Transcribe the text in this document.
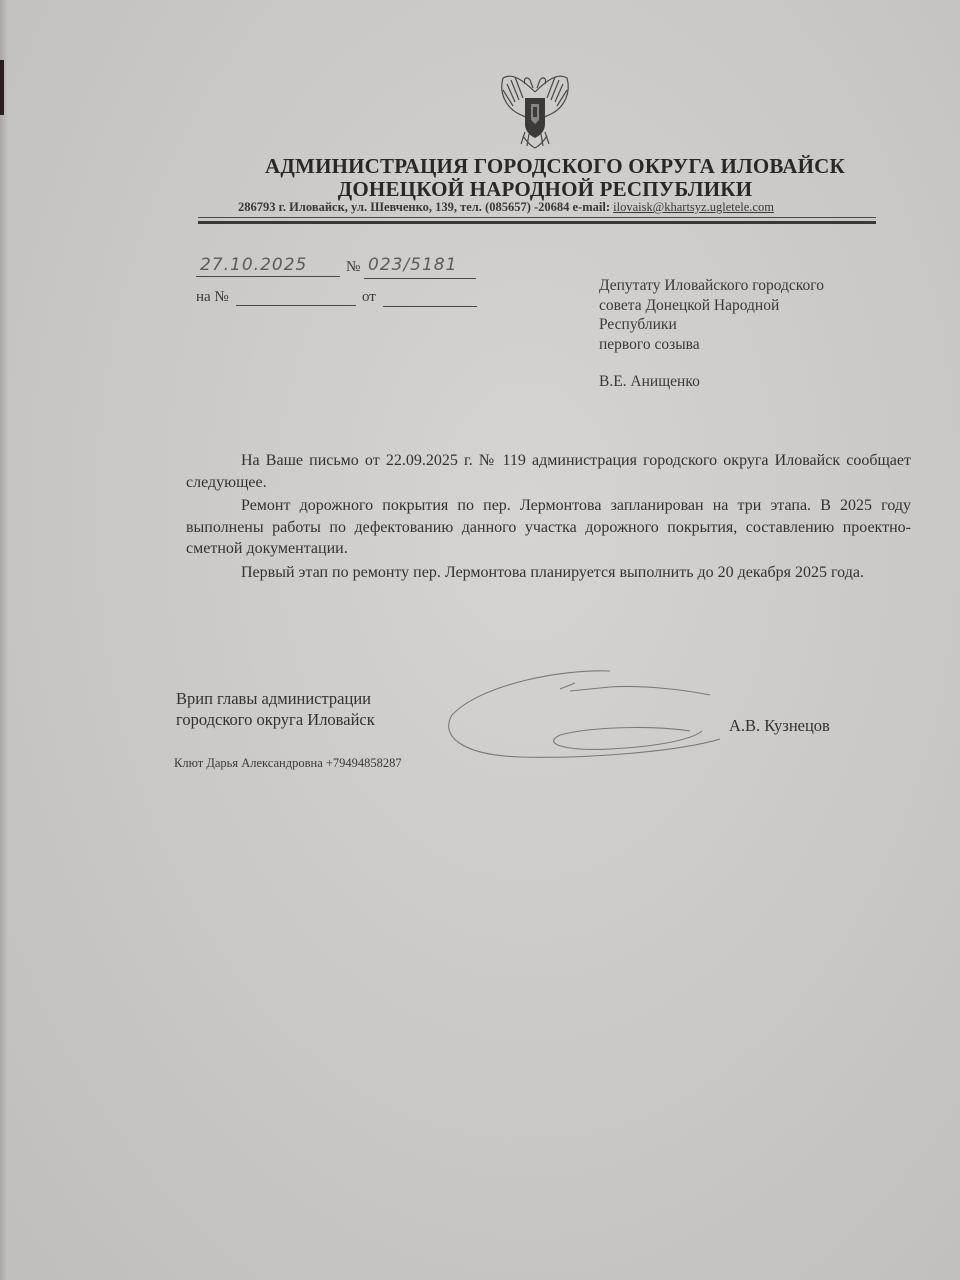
АДМИНИСТРАЦИЯ ГОРОДСКОГО ОКРУГА ИЛОВАЙСК
ДОНЕЦКОЙ НАРОДНОЙ РЕСПУБЛИКИ
286793 г. Иловайск, ул. Шевченко, 139, тел. (085657) -20684 e-mail: ilovaisk@khartsyz.ugletele.com
27.10.2025	№ 023/5181
на №	от
Депутату Иловайского городского
совета Донецкой Народной
Республики
первого созыва
В.Е. Анищенко

На Ваше письмо от 22.09.2025 г. № 119 администрация городского округа Иловайск сообщает следующее.

Ремонт дорожного покрытия по пер. Лермонтова запланирован на три этапа. В 2025 году выполнены работы по дефектованию данного участка дорожного покрытия, составлению проектно-сметной документации.

Первый этап по ремонту пер. Лермонтова планируется выполнить до 20 декабря 2025 года.

Врип главы администрации
городского округа Иловайск	А.В. Кузнецов
Клют Дарья Александровна +79494858287
